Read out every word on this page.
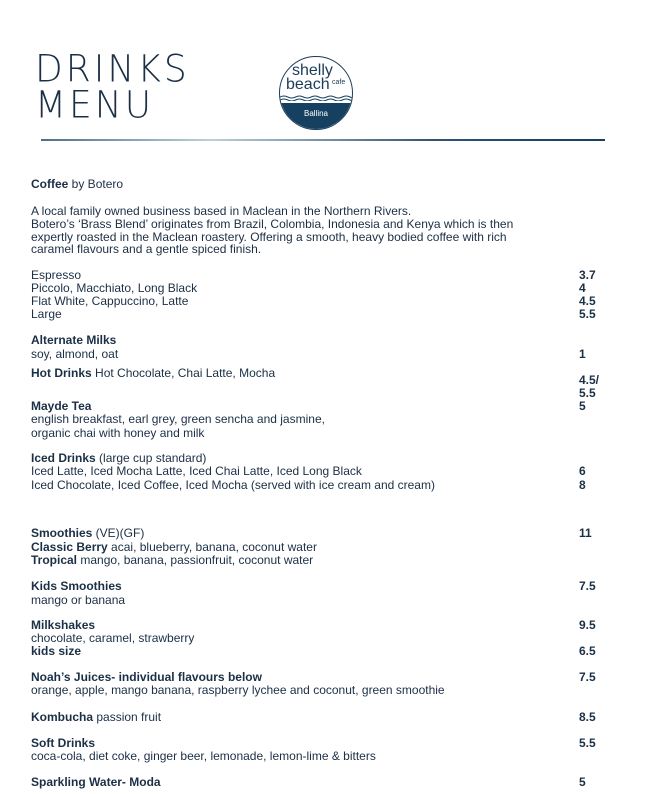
DRINKS
MENU
shelly
beach cafe
Ballina
Coffee by Botero
A local family owned business based in Maclean in the Northern Rivers.
Botero’s ‘Brass Blend’ originates from Brazil, Colombia, Indonesia and Kenya which is then
expertly roasted in the Maclean roastery. Offering a smooth, heavy bodied coffee with rich
caramel flavours and a gentle spiced finish.
Espresso	3.7
Piccolo, Macchiato, Long Black	4
Flat White, Cappuccino, Latte	4.5
Large	5.5
Alternate Milks
soy, almond, oat	1
Hot Drinks Hot Chocolate, Chai Latte, Mocha	4.5/
5.5
Mayde Tea	5
english breakfast, earl grey, green sencha and jasmine,
organic chai with honey and milk
Iced Drinks (large cup standard)
Iced Latte, Iced Mocha Latte, Iced Chai Latte, Iced Long Black	6
Iced Chocolate, Iced Coffee, Iced Mocha (served with ice cream and cream)	8
Smoothies (VE)(GF)	11
Classic Berry acai, blueberry, banana, coconut water
Tropical mango, banana, passionfruit, coconut water
Kids Smoothies	7.5
mango or banana
Milkshakes	9.5
chocolate, caramel, strawberry
kids size	6.5
Noah’s Juices- individual flavours below	7.5
orange, apple, mango banana, raspberry lychee and coconut, green smoothie
Kombucha passion fruit	8.5
Soft Drinks	5.5
coca-cola, diet coke, ginger beer, lemonade, lemon-lime & bitters
Sparkling Water- Moda	5
